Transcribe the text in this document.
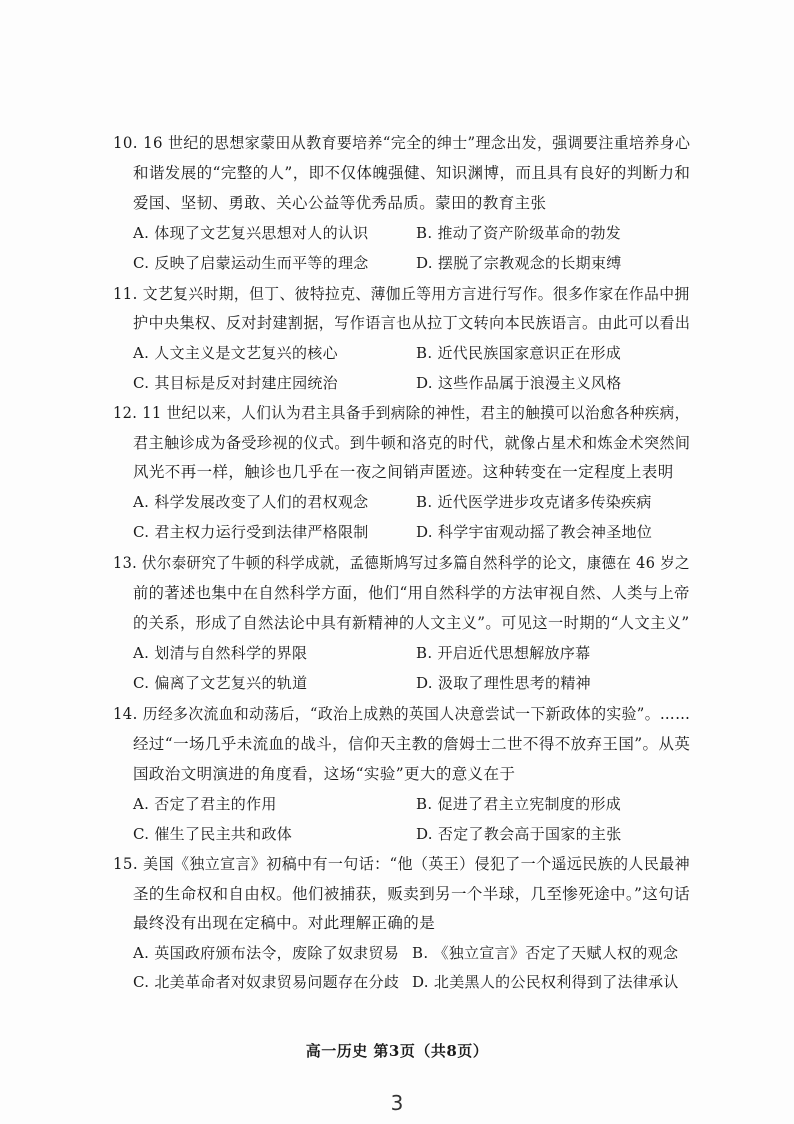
10. 16 世纪的思想家蒙田从教育要培养“完全的绅士”理念出发，强调要注重培养身心
和谐发展的“完整的人”，即不仅体魄强健、知识渊博，而且具有良好的判断力和
爱国、坚韧、勇敢、关心公益等优秀品质。蒙田的教育主张
A. 体现了文艺复兴思想对人的认识	B. 推动了资产阶级革命的勃发
C. 反映了启蒙运动生而平等的理念	D. 摆脱了宗教观念的长期束缚
11. 文艺复兴时期，但丁、彼特拉克、薄伽丘等用方言进行写作。很多作家在作品中拥
护中央集权、反对封建割据，写作语言也从拉丁文转向本民族语言。由此可以看出
A. 人文主义是文艺复兴的核心	B. 近代民族国家意识正在形成
C. 其目标是反对封建庄园统治	D. 这些作品属于浪漫主义风格
12. 11 世纪以来，人们认为君主具备手到病除的神性，君主的触摸可以治愈各种疾病，
君主触诊成为备受珍视的仪式。到牛顿和洛克的时代，就像占星术和炼金术突然间
风光不再一样，触诊也几乎在一夜之间销声匿迹。这种转变在一定程度上表明
A. 科学发展改变了人们的君权观念	B. 近代医学进步攻克诸多传染疾病
C. 君主权力运行受到法律严格限制	D. 科学宇宙观动摇了教会神圣地位
13. 伏尔泰研究了牛顿的科学成就，孟德斯鸠写过多篇自然科学的论文，康德在 46 岁之
前的著述也集中在自然科学方面，他们“用自然科学的方法审视自然、人类与上帝
的关系，形成了自然法论中具有新精神的人文主义”。可见这一时期的“人文主义”
A. 划清与自然科学的界限	B. 开启近代思想解放序幕
C. 偏离了文艺复兴的轨道	D. 汲取了理性思考的精神
14. 历经多次流血和动荡后，“政治上成熟的英国人决意尝试一下新政体的实验”。……
经过“一场几乎未流血的战斗，信仰天主教的詹姆士二世不得不放弃王国”。从英
国政治文明演进的角度看，这场“实验”更大的意义在于
A. 否定了君主的作用	B. 促进了君主立宪制度的形成
C. 催生了民主共和政体	D. 否定了教会高于国家的主张
15. 美国《独立宣言》初稿中有一句话：“他（英王）侵犯了一个遥远民族的人民最神
圣的生命权和自由权。他们被捕获，贩卖到另一个半球，几至惨死途中。”这句话
最终没有出现在定稿中。对此理解正确的是
A. 英国政府颁布法令，废除了奴隶贸易 B. 《独立宣言》否定了天赋人权的观念
C. 北美革命者对奴隶贸易问题存在分歧 D. 北美黑人的公民权利得到了法律承认
高一历史 第3页（共8页）
3
